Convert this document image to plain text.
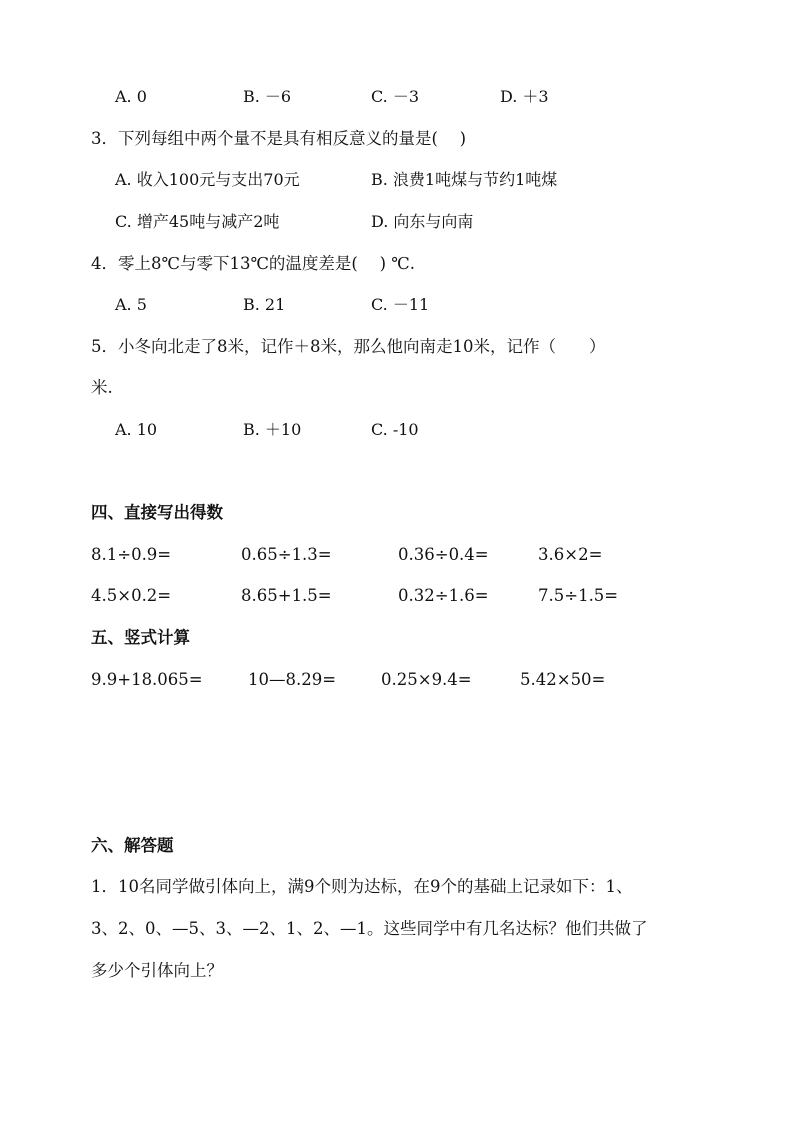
A. 0	B. －6	C. －3	D. ＋3
3．下列每组中两个量不是具有相反意义的量是(　 )
A. 收入100元与支出70元	B. 浪费1吨煤与节约1吨煤
C. 增产45吨与减产2吨	D. 向东与向南
4．零上8℃与零下13℃的温度差是(　 ) ℃.
A. 5	B. 21	C. －11
5．小冬向北走了8米，记作＋8米，那么他向南走10米，记作（　　）
米.
A. 10	B. ＋10	C. -10
四、直接写出得数
8.1÷0.9=	0.65÷1.3=	0.36÷0.4=	3.6×2=
4.5×0.2=	8.65+1.5=	0.32÷1.6=	7.5÷1.5=
五、竖式计算
9.9+18.065=	10—8.29=	0.25×9.4=	5.42×50=
六、解答题
1．10名同学做引体向上，满9个则为达标，在9个的基础上记录如下：1、
3、2、0、—5、3、—2、1、2、—1。这些同学中有几名达标？他们共做了
多少个引体向上？
